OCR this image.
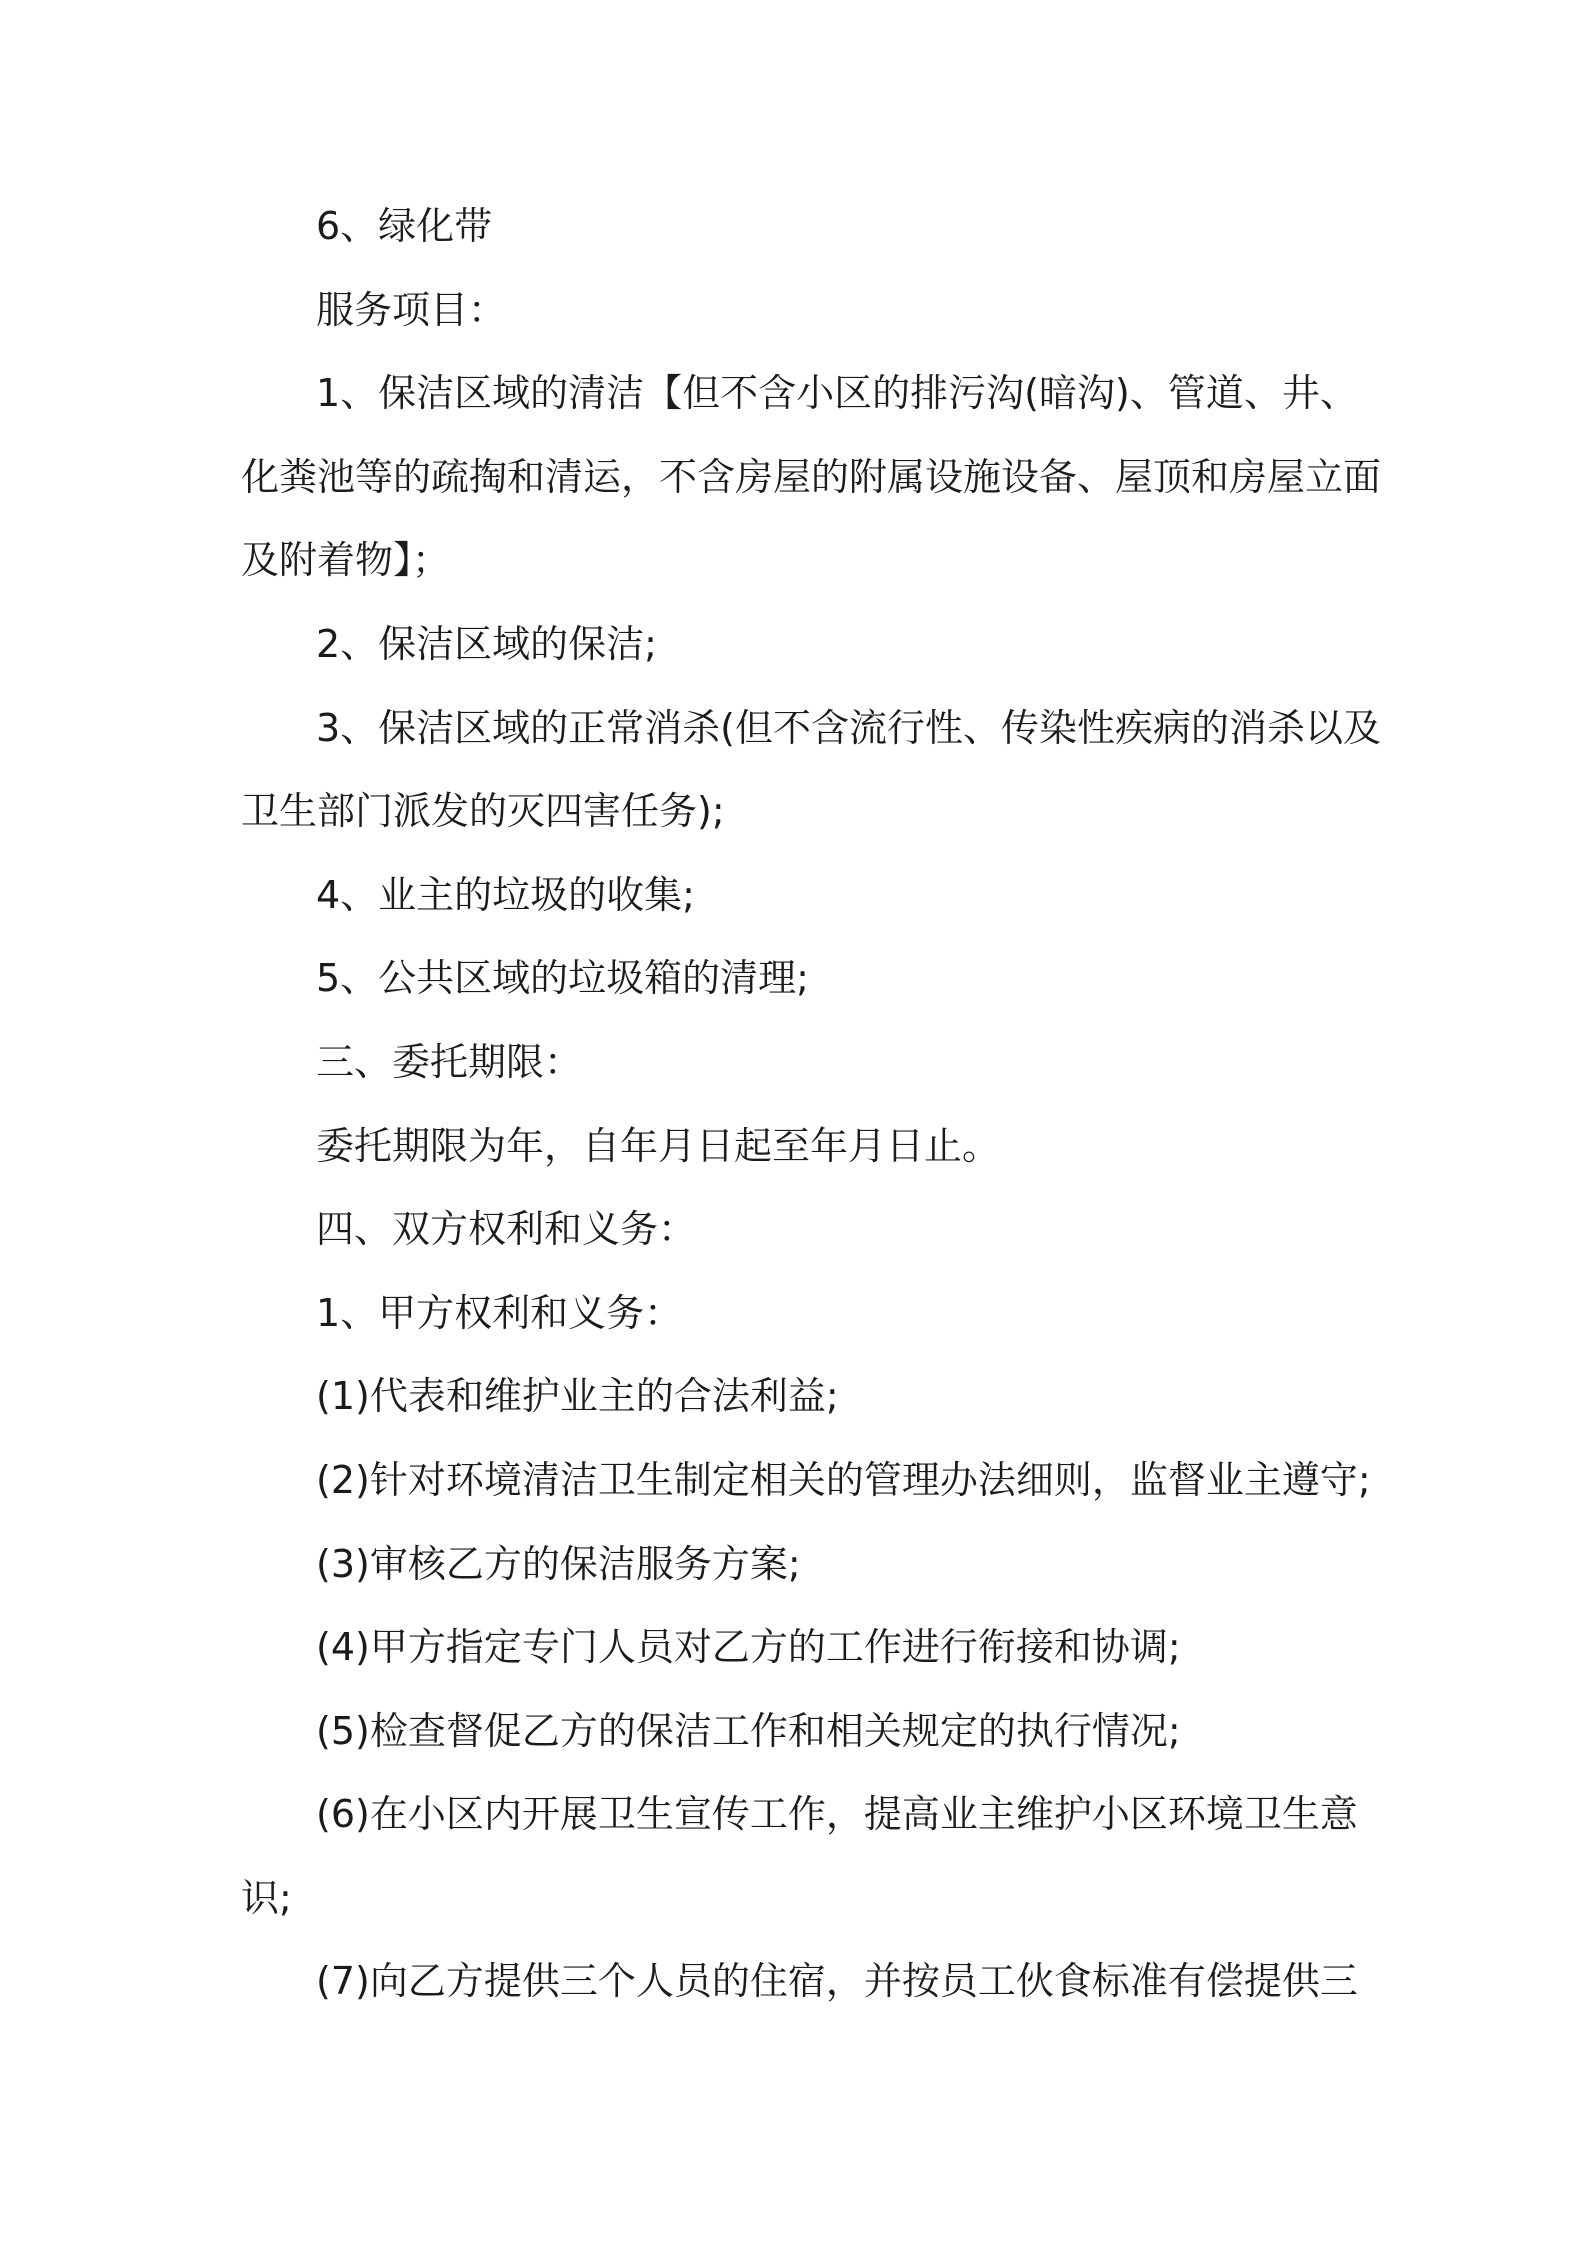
6、绿化带
服务项目：
1、保洁区域的清洁【但不含小区的排污沟(暗沟)、管道、井、
化粪池等的疏掏和清运，不含房屋的附属设施设备、屋顶和房屋立面
及附着物】；
2、保洁区域的保洁;
3、保洁区域的正常消杀(但不含流行性、传染性疾病的消杀以及
卫生部门派发的灭四害任务);
4、业主的垃圾的收集;
5、公共区域的垃圾箱的清理;
三、委托期限：
委托期限为年，自年月日起至年月日止。
四、双方权利和义务：
1、甲方权利和义务：
(1)代表和维护业主的合法利益;
(2)针对环境清洁卫生制定相关的管理办法细则，监督业主遵守;
(3)审核乙方的保洁服务方案;
(4)甲方指定专门人员对乙方的工作进行衔接和协调;
(5)检查督促乙方的保洁工作和相关规定的执行情况;
(6)在小区内开展卫生宣传工作，提高业主维护小区环境卫生意
识;
(7)向乙方提供三个人员的住宿，并按员工伙食标准有偿提供三
